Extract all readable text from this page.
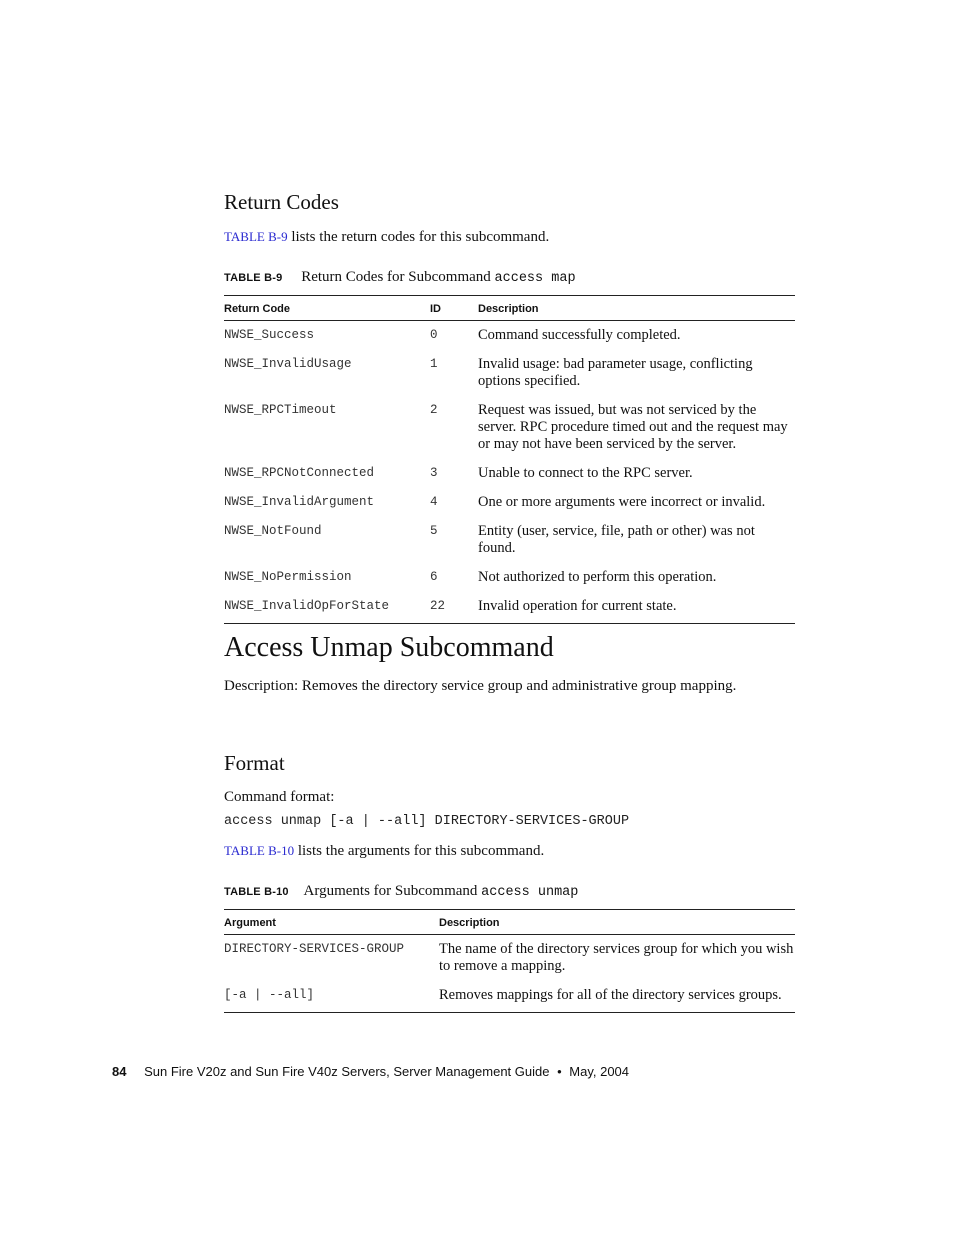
Return Codes
TABLE B-9 lists the return codes for this subcommand.
TABLE B-9 Return Codes for Subcommand access map
Return Code	ID	Description
NWSE_Success	0	Command successfully completed.
NWSE_InvalidUsage	1	Invalid usage: bad parameter usage, conflicting options specified.
NWSE_RPCTimeout	2	Request was issued, but was not serviced by the server. RPC procedure timed out and the request may or may not have been serviced by the server.
NWSE_RPCNotConnected	3	Unable to connect to the RPC server.
NWSE_InvalidArgument	4	One or more arguments were incorrect or invalid.
NWSE_NotFound	5	Entity (user, service, file, path or other) was not found.
NWSE_NoPermission	6	Not authorized to perform this operation.
NWSE_InvalidOpForState	22	Invalid operation for current state.
Access Unmap Subcommand
Description: Removes the directory service group and administrative group mapping.
Format
Command format:
access unmap [-a | --all] DIRECTORY-SERVICES-GROUP
TABLE B-10 lists the arguments for this subcommand.
TABLE B-10 Arguments for Subcommand access unmap
Argument	Description
DIRECTORY-SERVICES-GROUP	The name of the directory services group for which you wish to remove a mapping.
[-a | --all]	Removes mappings for all of the directory services groups.
84 Sun Fire V20z and Sun Fire V40z Servers, Server Management Guide • May, 2004
